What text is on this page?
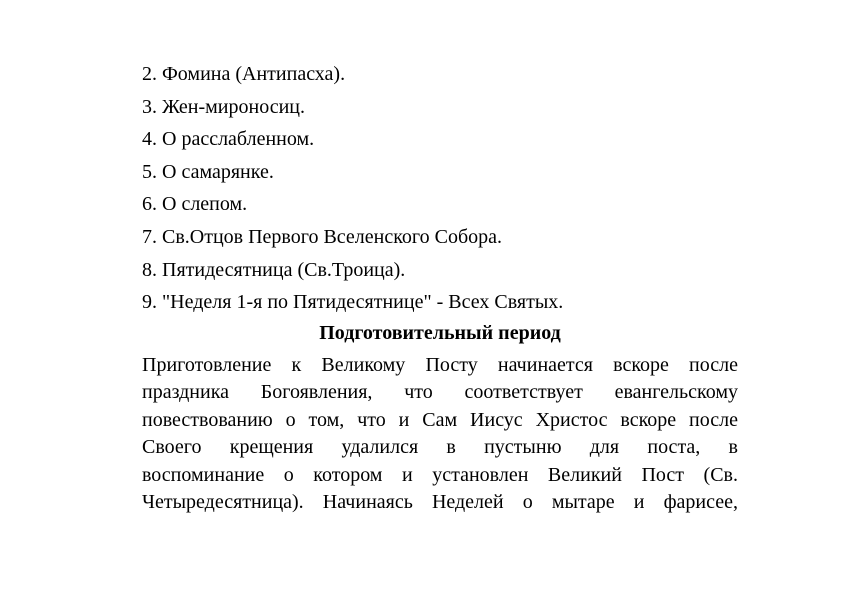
2. Фомина (Антипасха).
3. Жен-мироносиц.
4. О расслабленном.
5. О самарянке.
6. О слепом.
7. Св.Отцов Первого Вселенского Собора.
8. Пятидесятница (Св.Троица).
9. "Неделя 1-я по Пятидесятнице" - Всех Святых.
Подготовительный период
Приготовление к Великому Посту начинается вскоре после
праздника Богоявления, что соответствует евангельскому
повествованию о том, что и Сам Иисус Христос вскоре после
Своего крещения удалился в пустыню для поста, в
воспоминание о котором и установлен Великий Пост (Св.
Четыредесятница). Начинаясь Неделей о мытаре и фарисее,
